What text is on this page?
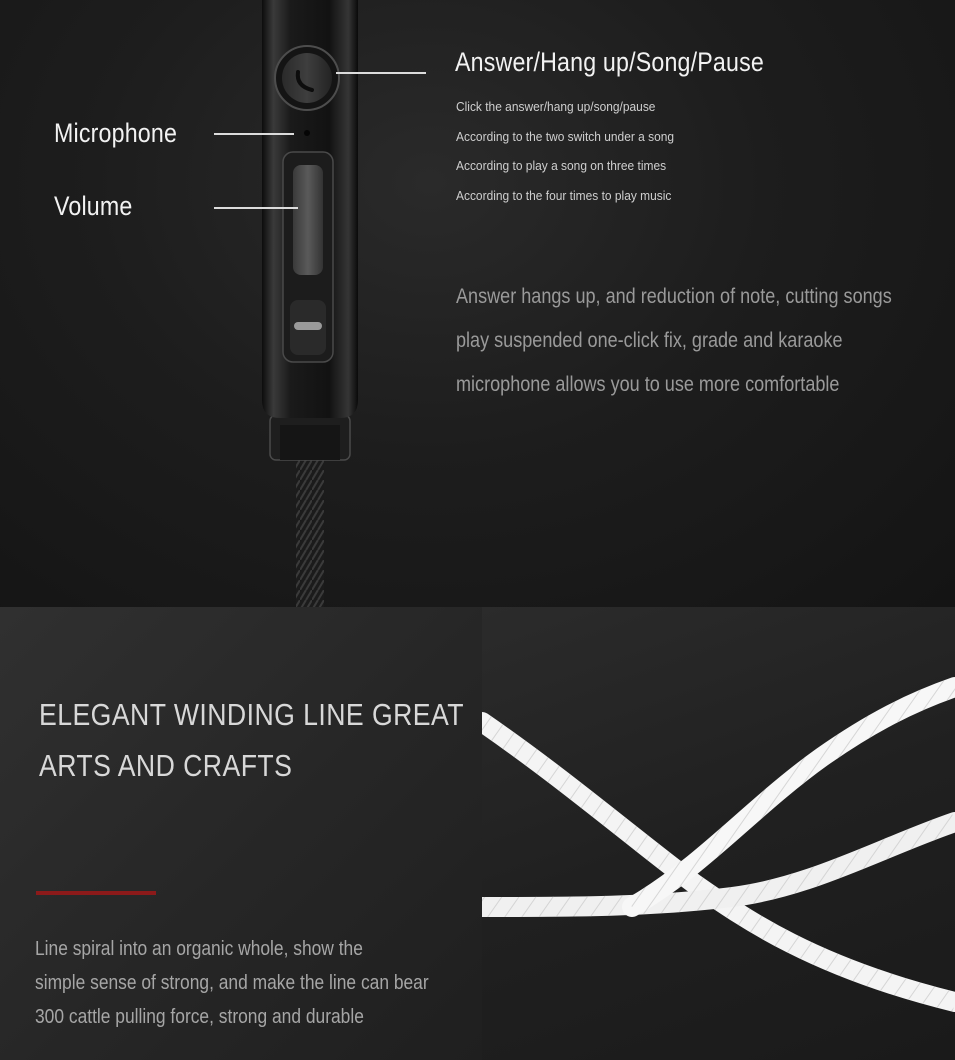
Answer/Hang up/Song/Pause
Click the answer/hang up/song/pause
According to the two switch under a song
According to play a song on three times
According to the four times to play music
Microphone
Volume
Answer hangs up, and reduction of note, cutting songs
play suspended one-click fix, grade and karaoke
microphone allows you to use more comfortable
ELEGANT WINDING LINE GREAT
ARTS AND CRAFTS
Line spiral into an organic whole, show the
simple sense of strong, and make the line can bear
300 cattle pulling force, strong and durable
